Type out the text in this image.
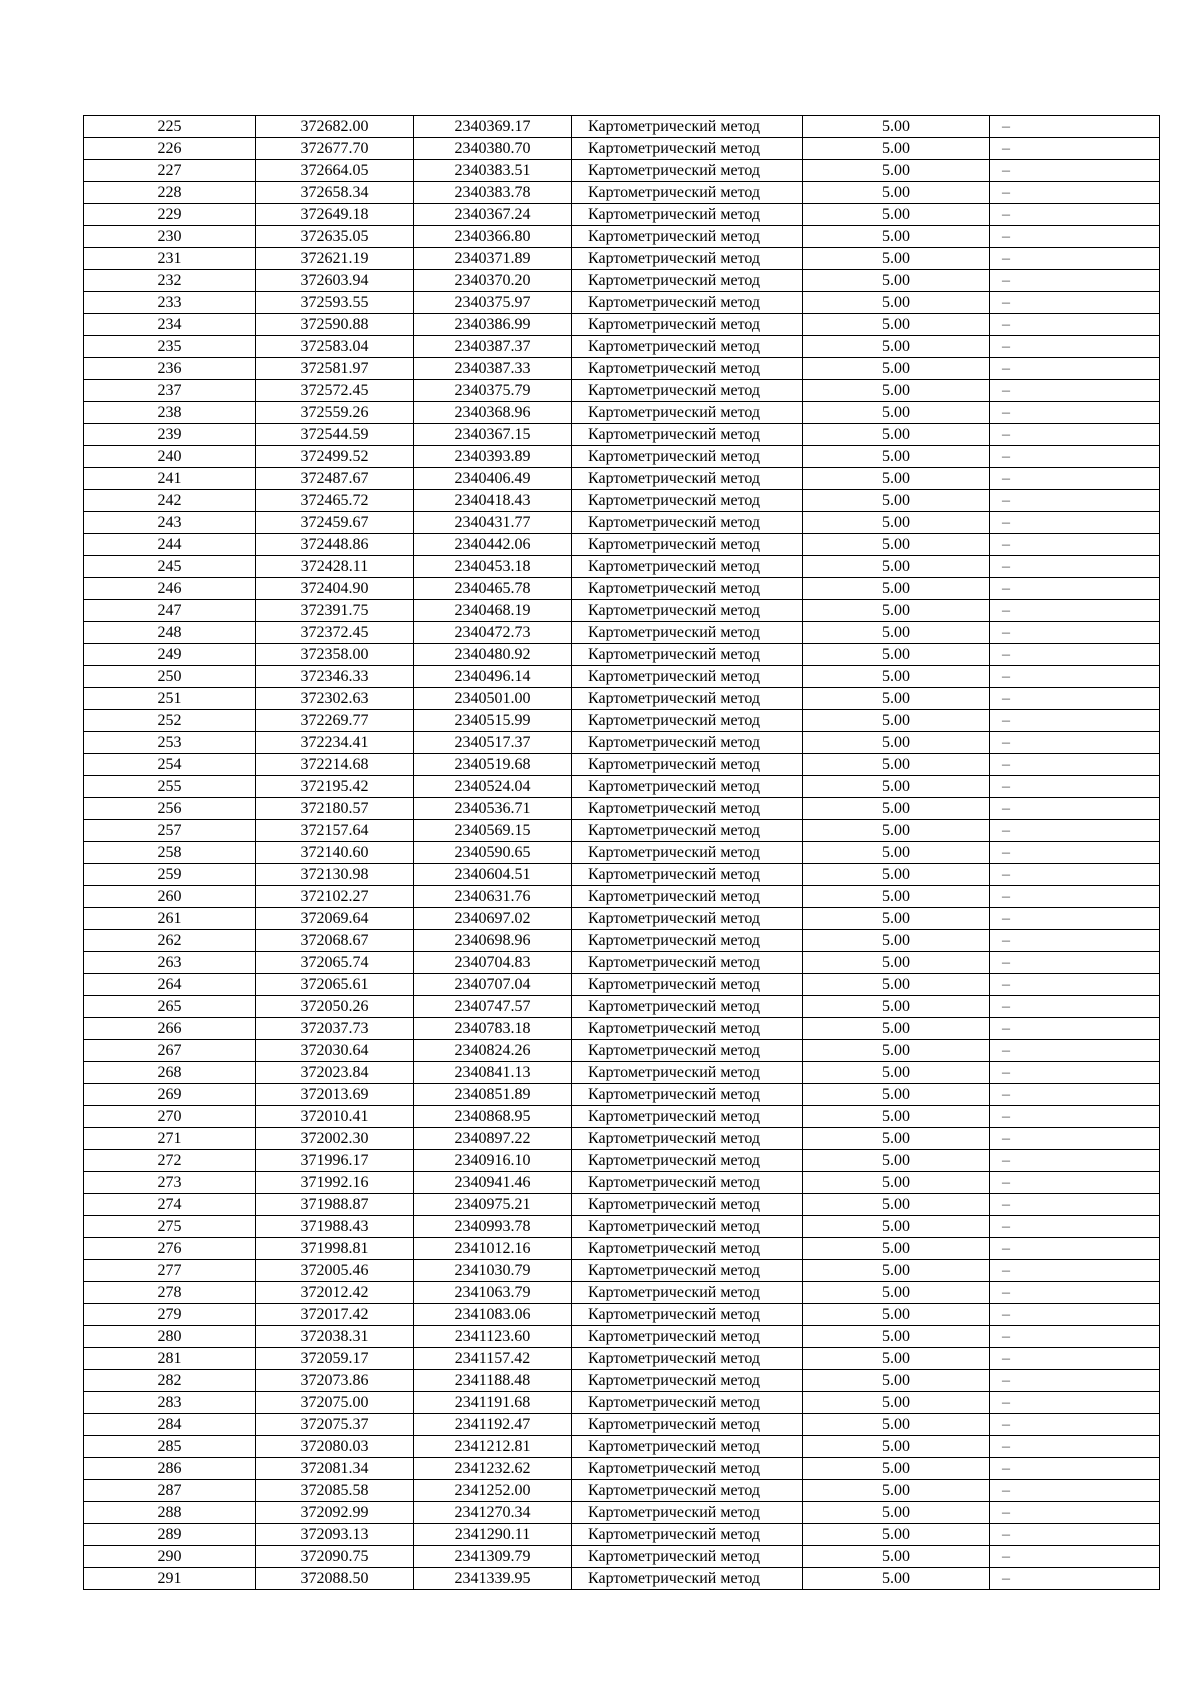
225	372682.00	2340369.17	Картометрический метод	5.00	–
226	372677.70	2340380.70	Картометрический метод	5.00	–
227	372664.05	2340383.51	Картометрический метод	5.00	–
228	372658.34	2340383.78	Картометрический метод	5.00	–
229	372649.18	2340367.24	Картометрический метод	5.00	–
230	372635.05	2340366.80	Картометрический метод	5.00	–
231	372621.19	2340371.89	Картометрический метод	5.00	–
232	372603.94	2340370.20	Картометрический метод	5.00	–
233	372593.55	2340375.97	Картометрический метод	5.00	–
234	372590.88	2340386.99	Картометрический метод	5.00	–
235	372583.04	2340387.37	Картометрический метод	5.00	–
236	372581.97	2340387.33	Картометрический метод	5.00	–
237	372572.45	2340375.79	Картометрический метод	5.00	–
238	372559.26	2340368.96	Картометрический метод	5.00	–
239	372544.59	2340367.15	Картометрический метод	5.00	–
240	372499.52	2340393.89	Картометрический метод	5.00	–
241	372487.67	2340406.49	Картометрический метод	5.00	–
242	372465.72	2340418.43	Картометрический метод	5.00	–
243	372459.67	2340431.77	Картометрический метод	5.00	–
244	372448.86	2340442.06	Картометрический метод	5.00	–
245	372428.11	2340453.18	Картометрический метод	5.00	–
246	372404.90	2340465.78	Картометрический метод	5.00	–
247	372391.75	2340468.19	Картометрический метод	5.00	–
248	372372.45	2340472.73	Картометрический метод	5.00	–
249	372358.00	2340480.92	Картометрический метод	5.00	–
250	372346.33	2340496.14	Картометрический метод	5.00	–
251	372302.63	2340501.00	Картометрический метод	5.00	–
252	372269.77	2340515.99	Картометрический метод	5.00	–
253	372234.41	2340517.37	Картометрический метод	5.00	–
254	372214.68	2340519.68	Картометрический метод	5.00	–
255	372195.42	2340524.04	Картометрический метод	5.00	–
256	372180.57	2340536.71	Картометрический метод	5.00	–
257	372157.64	2340569.15	Картометрический метод	5.00	–
258	372140.60	2340590.65	Картометрический метод	5.00	–
259	372130.98	2340604.51	Картометрический метод	5.00	–
260	372102.27	2340631.76	Картометрический метод	5.00	–
261	372069.64	2340697.02	Картометрический метод	5.00	–
262	372068.67	2340698.96	Картометрический метод	5.00	–
263	372065.74	2340704.83	Картометрический метод	5.00	–
264	372065.61	2340707.04	Картометрический метод	5.00	–
265	372050.26	2340747.57	Картометрический метод	5.00	–
266	372037.73	2340783.18	Картометрический метод	5.00	–
267	372030.64	2340824.26	Картометрический метод	5.00	–
268	372023.84	2340841.13	Картометрический метод	5.00	–
269	372013.69	2340851.89	Картометрический метод	5.00	–
270	372010.41	2340868.95	Картометрический метод	5.00	–
271	372002.30	2340897.22	Картометрический метод	5.00	–
272	371996.17	2340916.10	Картометрический метод	5.00	–
273	371992.16	2340941.46	Картометрический метод	5.00	–
274	371988.87	2340975.21	Картометрический метод	5.00	–
275	371988.43	2340993.78	Картометрический метод	5.00	–
276	371998.81	2341012.16	Картометрический метод	5.00	–
277	372005.46	2341030.79	Картометрический метод	5.00	–
278	372012.42	2341063.79	Картометрический метод	5.00	–
279	372017.42	2341083.06	Картометрический метод	5.00	–
280	372038.31	2341123.60	Картометрический метод	5.00	–
281	372059.17	2341157.42	Картометрический метод	5.00	–
282	372073.86	2341188.48	Картометрический метод	5.00	–
283	372075.00	2341191.68	Картометрический метод	5.00	–
284	372075.37	2341192.47	Картометрический метод	5.00	–
285	372080.03	2341212.81	Картометрический метод	5.00	–
286	372081.34	2341232.62	Картометрический метод	5.00	–
287	372085.58	2341252.00	Картометрический метод	5.00	–
288	372092.99	2341270.34	Картометрический метод	5.00	–
289	372093.13	2341290.11	Картометрический метод	5.00	–
290	372090.75	2341309.79	Картометрический метод	5.00	–
291	372088.50	2341339.95	Картометрический метод	5.00	–
